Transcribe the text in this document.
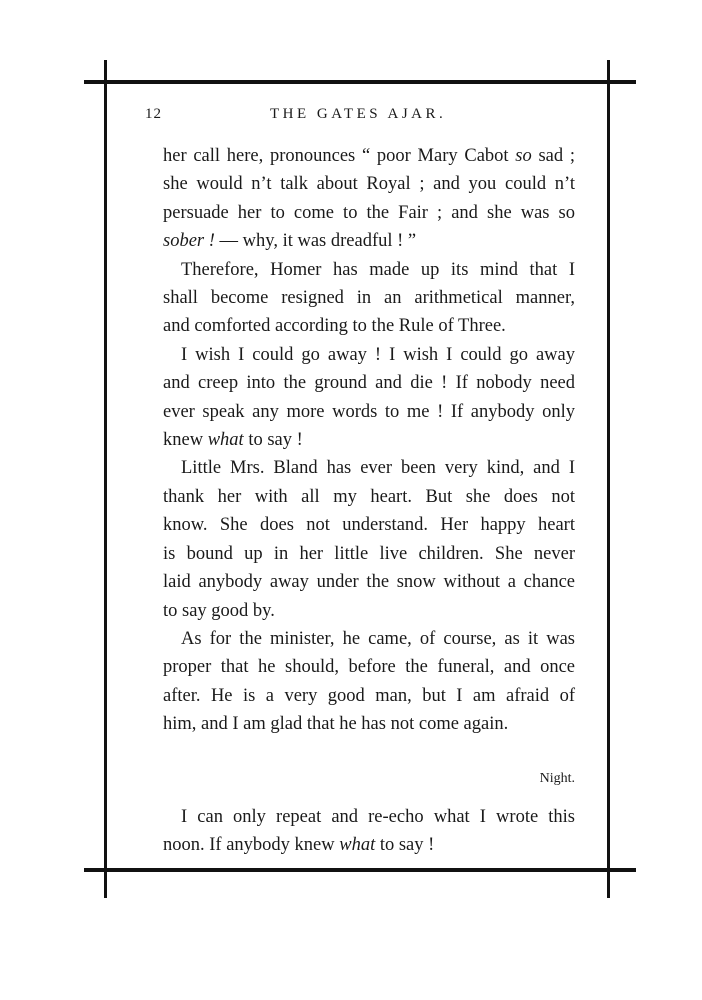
12	THE GATES AJAR.
her call here, pronounces “ poor Mary Cabot so sad ;
she would n’t talk about Royal ; and you could n’t
persuade her to come to the Fair ; and she was so
sober ! — why, it was dreadful ! ”
Therefore, Homer has made up its mind that I
shall become resigned in an arithmetical manner,
and comforted according to the Rule of Three.
I wish I could go away ! I wish I could go away
and creep into the ground and die ! If nobody need
ever speak any more words to me ! If anybody only
knew what to say !
Little Mrs. Bland has ever been very kind, and I
thank her with all my heart. But she does not
know. She does not understand. Her happy heart
is bound up in her little live children. She never
laid anybody away under the snow without a chance
to say good by.
As for the minister, he came, of course, as it was
proper that he should, before the funeral, and once
after. He is a very good man, but I am afraid of
him, and I am glad that he has not come again.
Night.
I can only repeat and re-echo what I wrote this
noon. If anybody knew what to say !
